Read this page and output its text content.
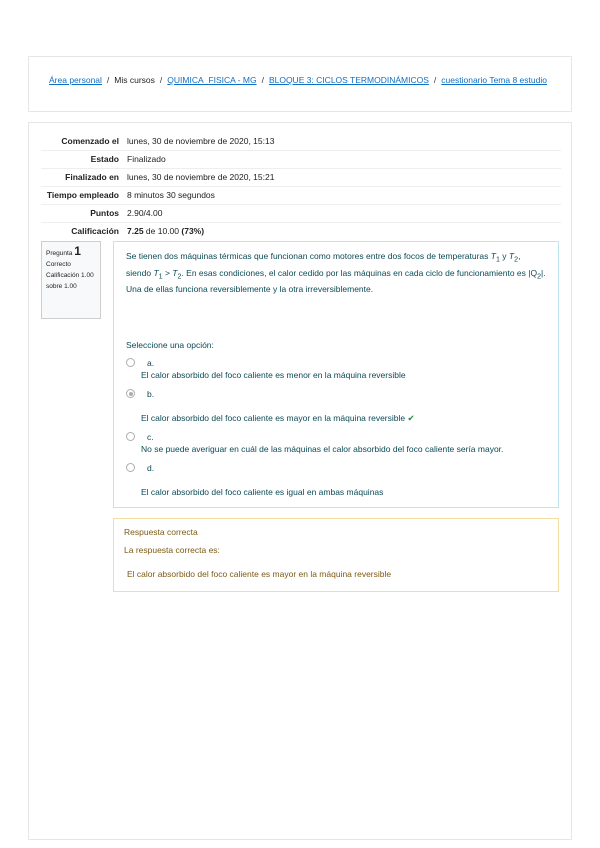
Área personal / Mis cursos / QUIMICA_FISICA - MG / BLOQUE 3: CICLOS TERMODINÁMICOS / cuestionario Tema 8 estudio
Comenzado el	lunes, 30 de noviembre de 2020, 15:13
Estado	Finalizado
Finalizado en	lunes, 30 de noviembre de 2020, 15:21
Tiempo empleado	8 minutos 30 segundos
Puntos	2.90/4.00
Calificación	7.25 de 10.00 (73%)
Pregunta 1
Correcto
Calificación 1.00 sobre 1.00

Se tienen dos máquinas térmicas que funcionan como motores entre dos focos de temperaturas $T_1$ y $T_2$, siendo $T_1 > T_2$. En esas condiciones, el calor cedido por las máquinas en cada ciclo de funcionamiento es $|Q_2|$. Una de ellas funciona reversiblemente y la otra irreversiblemente.

Seleccione una opción:
a.
El calor absorbido del foco caliente es menor en la máquina reversible
b.
El calor absorbido del foco caliente es mayor en la máquina reversible ✔
c.
No se puede averiguar en cuál de las máquinas el calor absorbido del foco caliente sería mayor.
d.
El calor absorbido del foco caliente es igual en ambas máquinas
Respuesta correcta
La respuesta correcta es:
El calor absorbido del foco caliente es mayor en la máquina reversible
